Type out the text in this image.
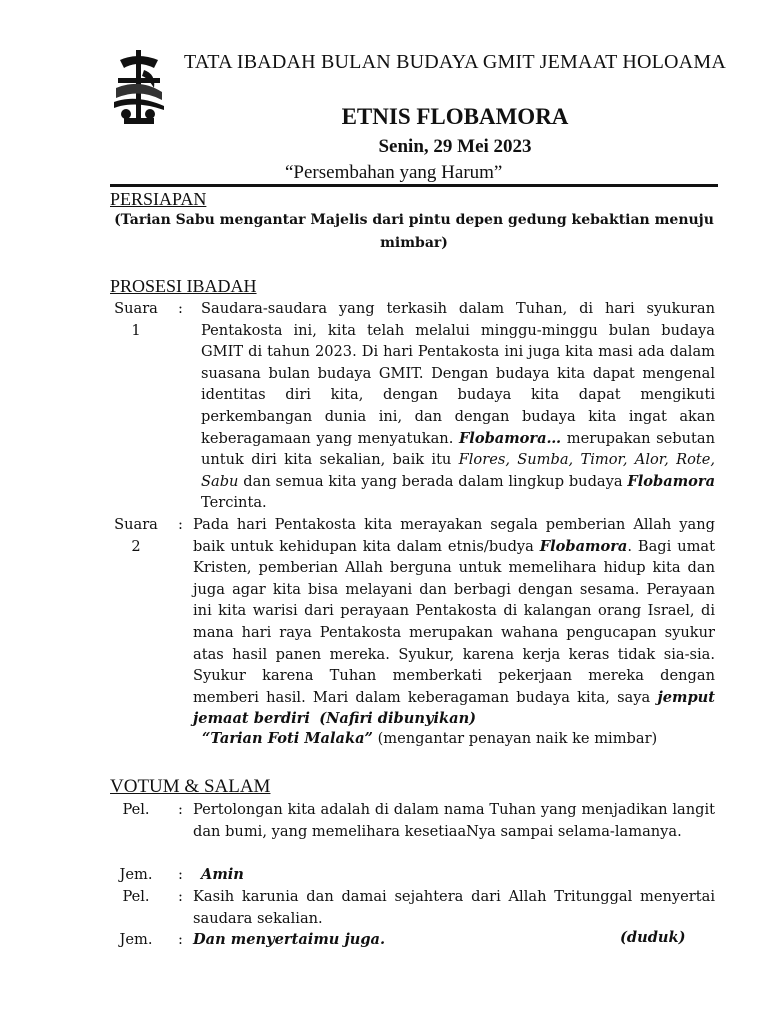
TATA IBADAH BULAN BUDAYA GMIT JEMAAT HOLOAMA
ETNIS FLOBAMORA
Senin, 29 Mei 2023
“Persembahan yang Harum”
PERSIAPAN
(Tarian Sabu mengantar Majelis dari pintu depen gedung kebaktian menuju mimbar)
PROSESI IBADAH
Suara 1
: Saudara-saudara yang terkasih dalam Tuhan, di hari syukuran Pentakosta ini, kita telah melalui minggu-minggu bulan budaya GMIT di tahun 2023. Di hari Pentakosta ini juga kita masi ada dalam suasana bulan budaya GMIT. Dengan budaya kita dapat mengenal identitas diri kita, dengan budaya kita dapat mengikuti perkembangan dunia ini, dan dengan budaya kita ingat akan keberagamaan yang menyatukan. Flobamora… merupakan sebutan untuk diri kita sekalian, baik itu Flores, Sumba, Timor, Alor, Rote, Sabu dan semua kita yang berada dalam lingkup budaya Flobamora Tercinta.
Suara 2
: Pada hari Pentakosta kita merayakan segala pemberian Allah yang baik untuk kehidupan kita dalam etnis/budya Flobamora. Bagi umat Kristen, pemberian Allah berguna untuk memelihara hidup kita dan juga agar kita bisa melayani dan berbagi dengan sesama. Perayaan ini kita warisi dari perayaan Pentakosta di kalangan orang Israel, di mana hari raya Pentakosta merupakan wahana pengucapan syukur atas hasil panen mereka. Syukur, karena kerja keras tidak sia-sia. Syukur karena Tuhan memberkati pekerjaan mereka dengan memberi hasil. Mari dalam keberagaman budaya kita, saya jemput jemaat berdiri (Nafiri dibunyikan)
“Tarian Foti Malaka” (mengantar penayan naik ke mimbar)
VOTUM & SALAM
Pel.	: Pertolongan kita adalah di dalam nama Tuhan yang menjadikan langit dan bumi, yang memelihara kesetiaaNya sampai selama-lamanya.
Jem.	: Amin
Pel.	: Kasih karunia dan damai sejahtera dari Allah Tritunggal menyertai saudara sekalian.
Jem.	: Dan menyertaimu juga.	(duduk)
